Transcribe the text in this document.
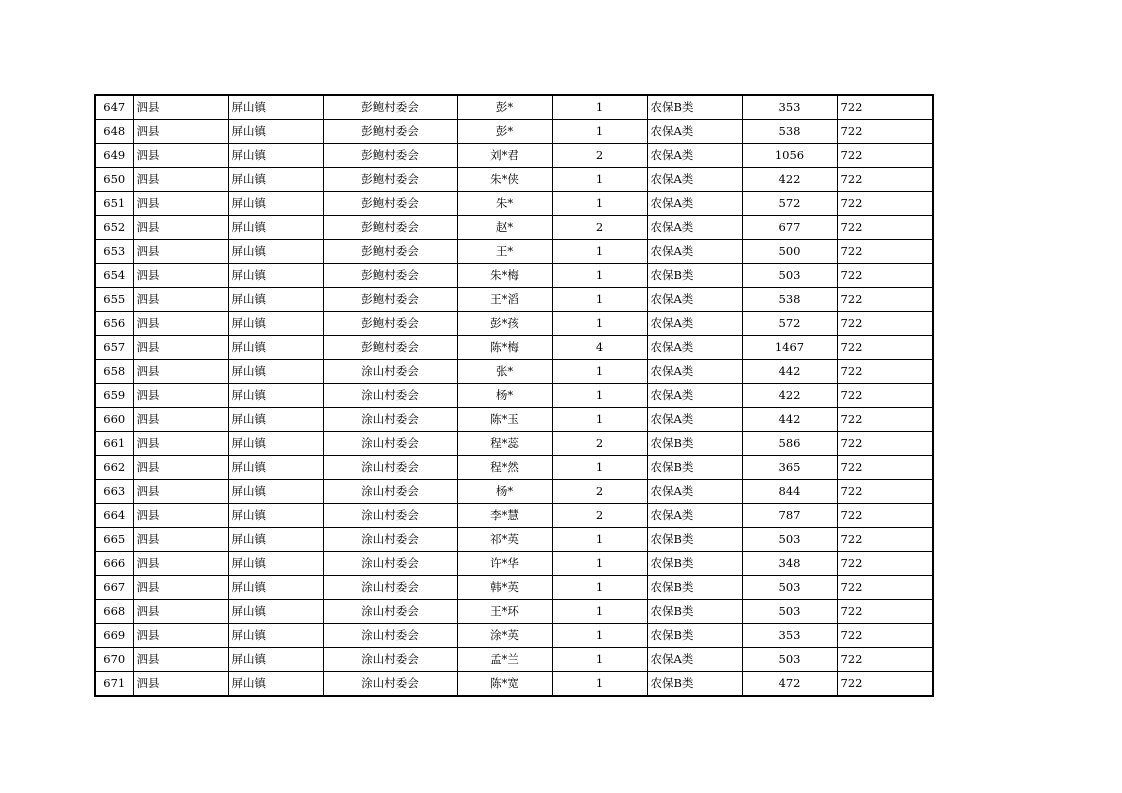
647	泗县	屏山镇	彭鲍村委会	彭*	1	农保B类	353	722
648	泗县	屏山镇	彭鲍村委会	彭*	1	农保A类	538	722
649	泗县	屏山镇	彭鲍村委会	刘*君	2	农保A类	1056	722
650	泗县	屏山镇	彭鲍村委会	朱*侠	1	农保A类	422	722
651	泗县	屏山镇	彭鲍村委会	朱*	1	农保A类	572	722
652	泗县	屏山镇	彭鲍村委会	赵*	2	农保A类	677	722
653	泗县	屏山镇	彭鲍村委会	王*	1	农保A类	500	722
654	泗县	屏山镇	彭鲍村委会	朱*梅	1	农保B类	503	722
655	泗县	屏山镇	彭鲍村委会	王*滔	1	农保A类	538	722
656	泗县	屏山镇	彭鲍村委会	彭*孩	1	农保A类	572	722
657	泗县	屏山镇	彭鲍村委会	陈*梅	4	农保A类	1467	722
658	泗县	屏山镇	涂山村委会	张*	1	农保A类	442	722
659	泗县	屏山镇	涂山村委会	杨*	1	农保A类	422	722
660	泗县	屏山镇	涂山村委会	陈*玉	1	农保A类	442	722
661	泗县	屏山镇	涂山村委会	程*蕊	2	农保B类	586	722
662	泗县	屏山镇	涂山村委会	程*然	1	农保B类	365	722
663	泗县	屏山镇	涂山村委会	杨*	2	农保A类	844	722
664	泗县	屏山镇	涂山村委会	李*慧	2	农保A类	787	722
665	泗县	屏山镇	涂山村委会	祁*英	1	农保B类	503	722
666	泗县	屏山镇	涂山村委会	许*华	1	农保B类	348	722
667	泗县	屏山镇	涂山村委会	韩*英	1	农保B类	503	722
668	泗县	屏山镇	涂山村委会	王*环	1	农保B类	503	722
669	泗县	屏山镇	涂山村委会	涂*英	1	农保B类	353	722
670	泗县	屏山镇	涂山村委会	孟*兰	1	农保A类	503	722
671	泗县	屏山镇	涂山村委会	陈*宽	1	农保B类	472	722
